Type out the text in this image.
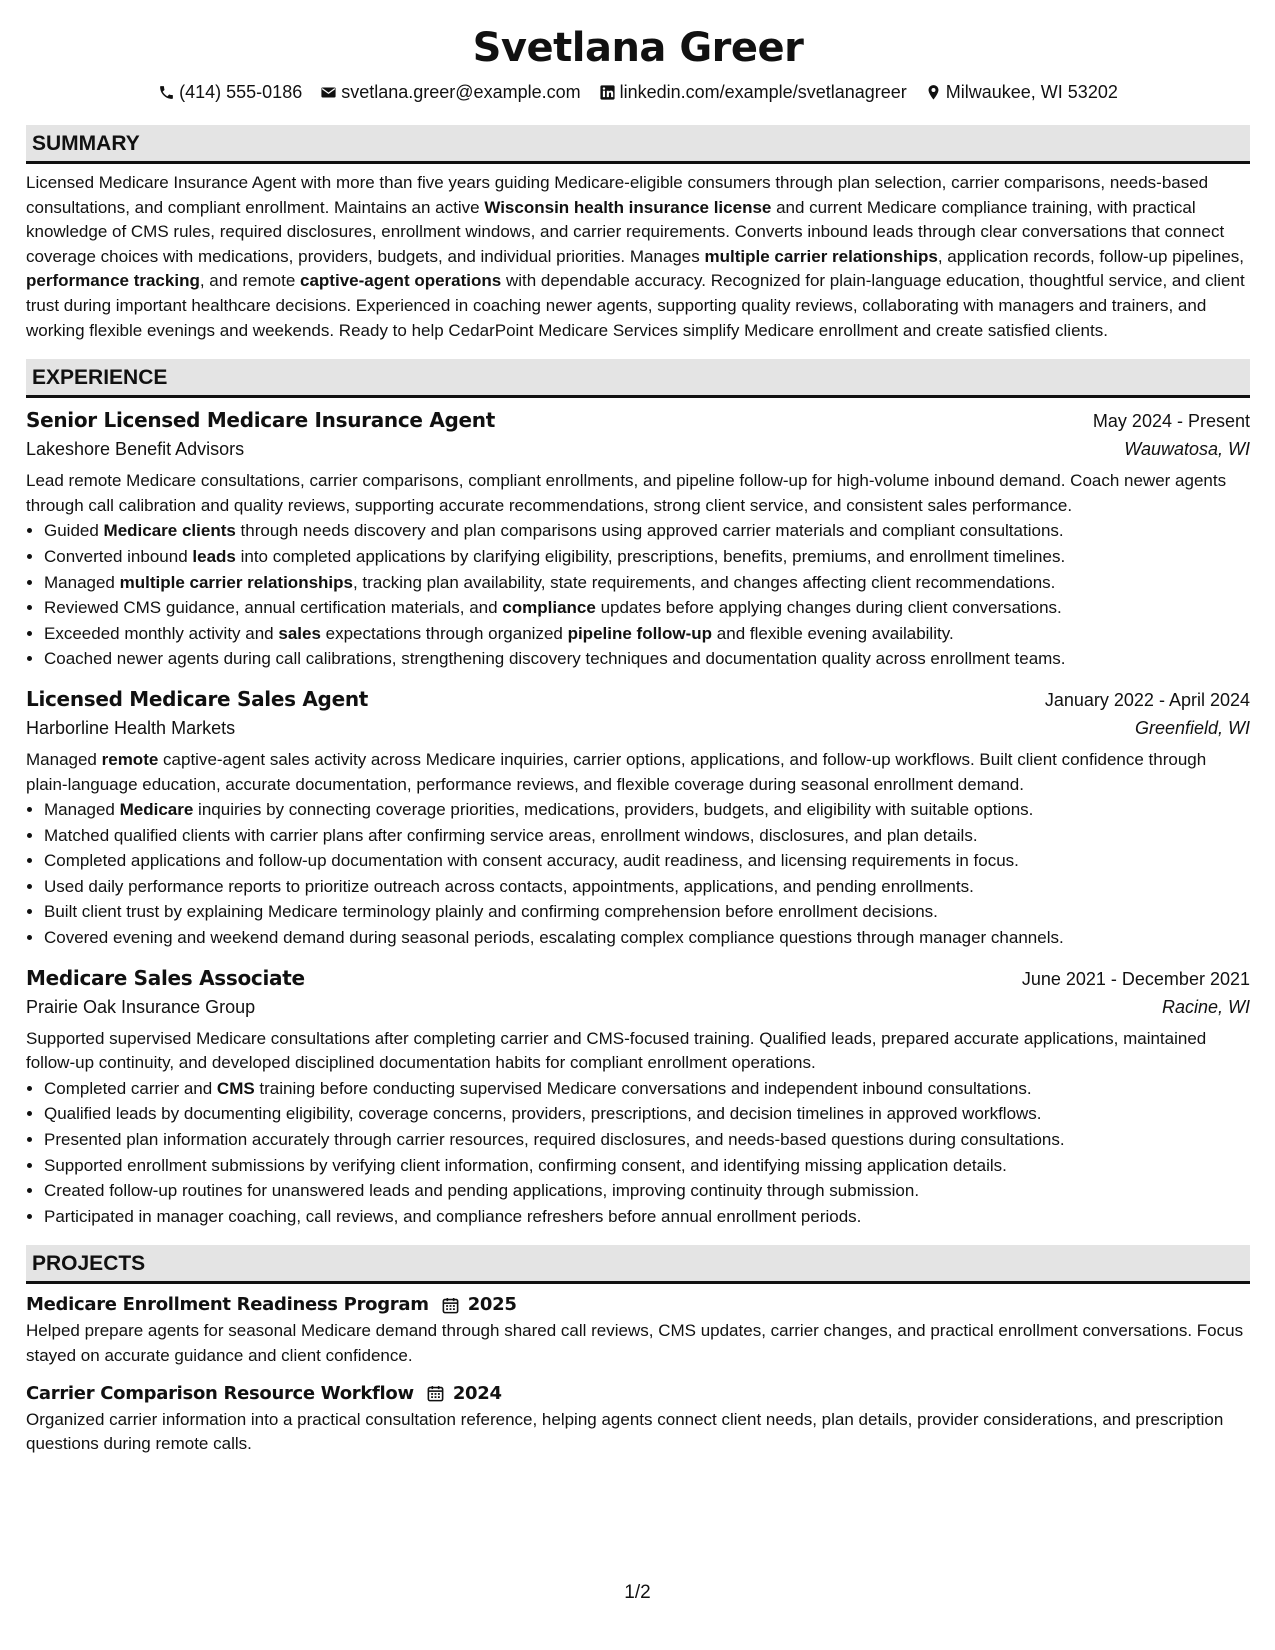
Svetlana Greer
(414) 555-0186 svetlana.greer@example.com linkedin.com/example/svetlanagreer Milwaukee, WI 53202
SUMMARY

Licensed Medicare Insurance Agent with more than five years guiding Medicare-eligible consumers through plan selection, carrier comparisons, needs-based consultations, and compliant enrollment. Maintains an active Wisconsin health insurance license and current Medicare compliance training, with practical knowledge of CMS rules, required disclosures, enrollment windows, and carrier requirements. Converts inbound leads through clear conversations that connect coverage choices with medications, providers, budgets, and individual priorities. Manages multiple carrier relationships, application records, follow-up pipelines, performance tracking, and remote captive-agent operations with dependable accuracy. Recognized for plain-language education, thoughtful service, and client trust during important healthcare decisions. Experienced in coaching newer agents, supporting quality reviews, collaborating with managers and trainers, and working flexible evenings and weekends. Ready to help CedarPoint Medicare Services simplify Medicare enrollment and create satisfied clients.

EXPERIENCE
Senior Licensed Medicare Insurance Agent	May 2024 - Present
Lakeshore Benefit Advisors	Wauwatosa, WI

Lead remote Medicare consultations, carrier comparisons, compliant enrollments, and pipeline follow-up for high-volume inbound demand. Coach newer agents through call calibration and quality reviews, supporting accurate recommendations, strong client service, and consistent sales performance.

• Guided Medicare clients through needs discovery and plan comparisons using approved carrier materials and compliant consultations.
• Converted inbound leads into completed applications by clarifying eligibility, prescriptions, benefits, premiums, and enrollment timelines.
• Managed multiple carrier relationships, tracking plan availability, state requirements, and changes affecting client recommendations.
• Reviewed CMS guidance, annual certification materials, and compliance updates before applying changes during client conversations.
• Exceeded monthly activity and sales expectations through organized pipeline follow-up and flexible evening availability.
• Coached newer agents during call calibrations, strengthening discovery techniques and documentation quality across enrollment teams.
Licensed Medicare Sales Agent	January 2022 - April 2024
Harborline Health Markets	Greenfield, WI

Managed remote captive-agent sales activity across Medicare inquiries, carrier options, applications, and follow-up workflows. Built client confidence through plain-language education, accurate documentation, performance reviews, and flexible coverage during seasonal enrollment demand.

• Managed Medicare inquiries by connecting coverage priorities, medications, providers, budgets, and eligibility with suitable options.
• Matched qualified clients with carrier plans after confirming service areas, enrollment windows, disclosures, and plan details.
• Completed applications and follow-up documentation with consent accuracy, audit readiness, and licensing requirements in focus.
• Used daily performance reports to prioritize outreach across contacts, appointments, applications, and pending enrollments.
• Built client trust by explaining Medicare terminology plainly and confirming comprehension before enrollment decisions.
• Covered evening and weekend demand during seasonal periods, escalating complex compliance questions through manager channels.
Medicare Sales Associate	June 2021 - December 2021
Prairie Oak Insurance Group	Racine, WI

Supported supervised Medicare consultations after completing carrier and CMS-focused training. Qualified leads, prepared accurate applications, maintained follow-up continuity, and developed disciplined documentation habits for compliant enrollment operations.

• Completed carrier and CMS training before conducting supervised Medicare conversations and independent inbound consultations.
• Qualified leads by documenting eligibility, coverage concerns, providers, prescriptions, and decision timelines in approved workflows.
• Presented plan information accurately through carrier resources, required disclosures, and needs-based questions during consultations.
• Supported enrollment submissions by verifying client information, confirming consent, and identifying missing application details.
• Created follow-up routines for unanswered leads and pending applications, improving continuity through submission.
• Participated in manager coaching, call reviews, and compliance refreshers before annual enrollment periods.
PROJECTS
Medicare Enrollment Readiness Program 2025

Helped prepare agents for seasonal Medicare demand through shared call reviews, CMS updates, carrier changes, and practical enrollment conversations. Focus stayed on accurate guidance and client confidence.

Carrier Comparison Resource Workflow 2024

Organized carrier information into a practical consultation reference, helping agents connect client needs, plan details, provider considerations, and prescription questions during remote calls.

1/2
